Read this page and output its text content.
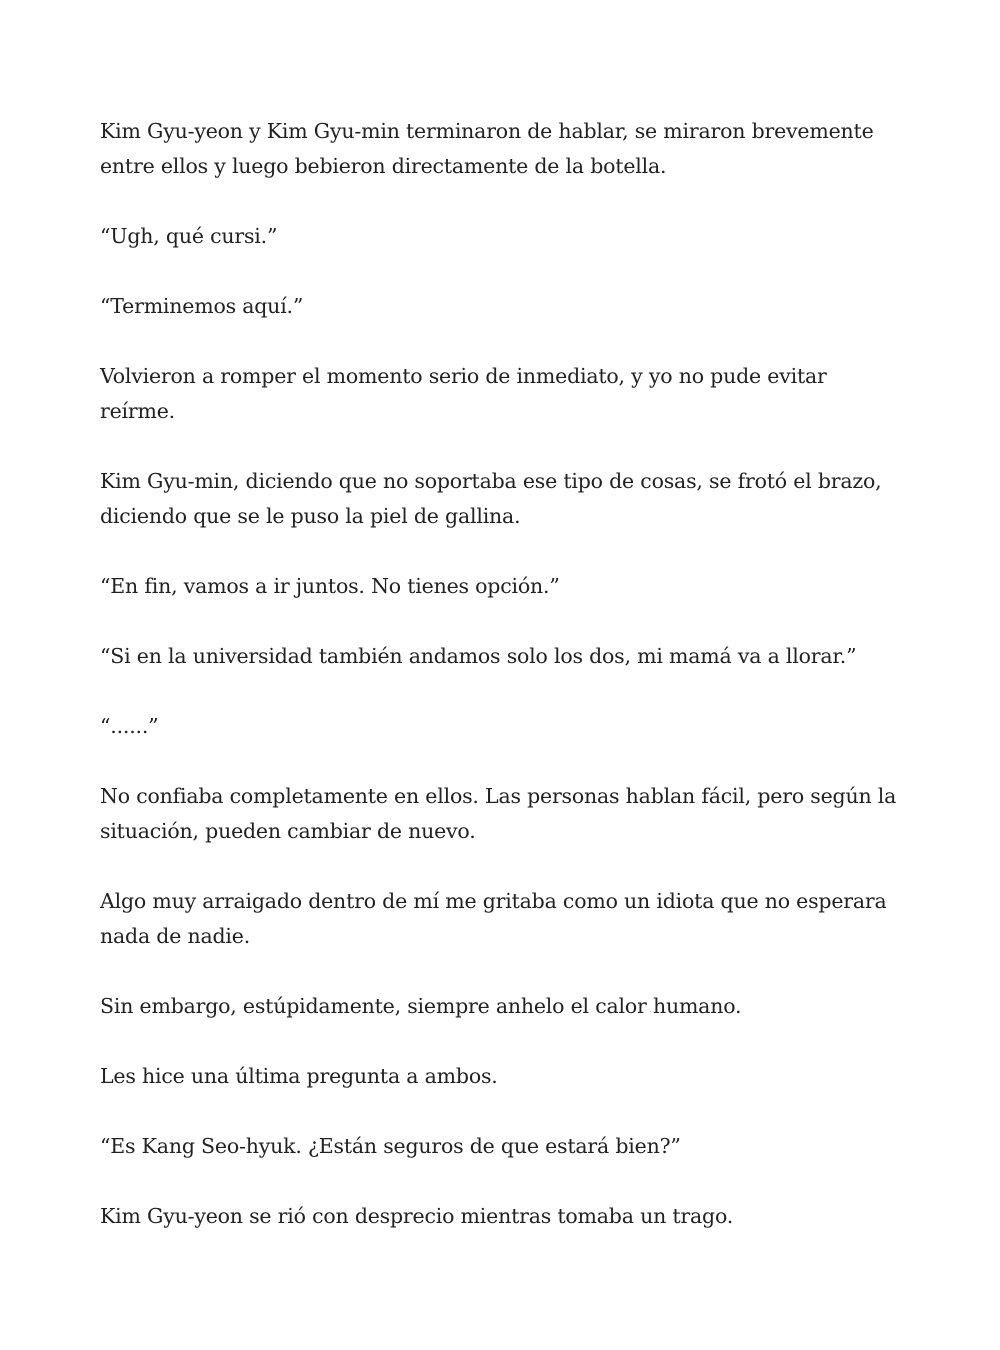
Kim Gyu-yeon y Kim Gyu-min terminaron de hablar, se miraron brevemente entre ellos y luego bebieron directamente de la botella.

“Ugh, qué cursi.”

“Terminemos aquí.”

Volvieron a romper el momento serio de inmediato, y yo no pude evitar reírme.

Kim Gyu-min, diciendo que no soportaba ese tipo de cosas, se frotó el brazo, diciendo que se le puso la piel de gallina.

“En fin, vamos a ir juntos. No tienes opción.”

“Si en la universidad también andamos solo los dos, mi mamá va a llorar.”

“......”

No confiaba completamente en ellos. Las personas hablan fácil, pero según la situación, pueden cambiar de nuevo.

Algo muy arraigado dentro de mí me gritaba como un idiota que no esperara nada de nadie.

Sin embargo, estúpidamente, siempre anhelo el calor humano.

Les hice una última pregunta a ambos.

“Es Kang Seo-hyuk. ¿Están seguros de que estará bien?”

Kim Gyu-yeon se rió con desprecio mientras tomaba un trago.
